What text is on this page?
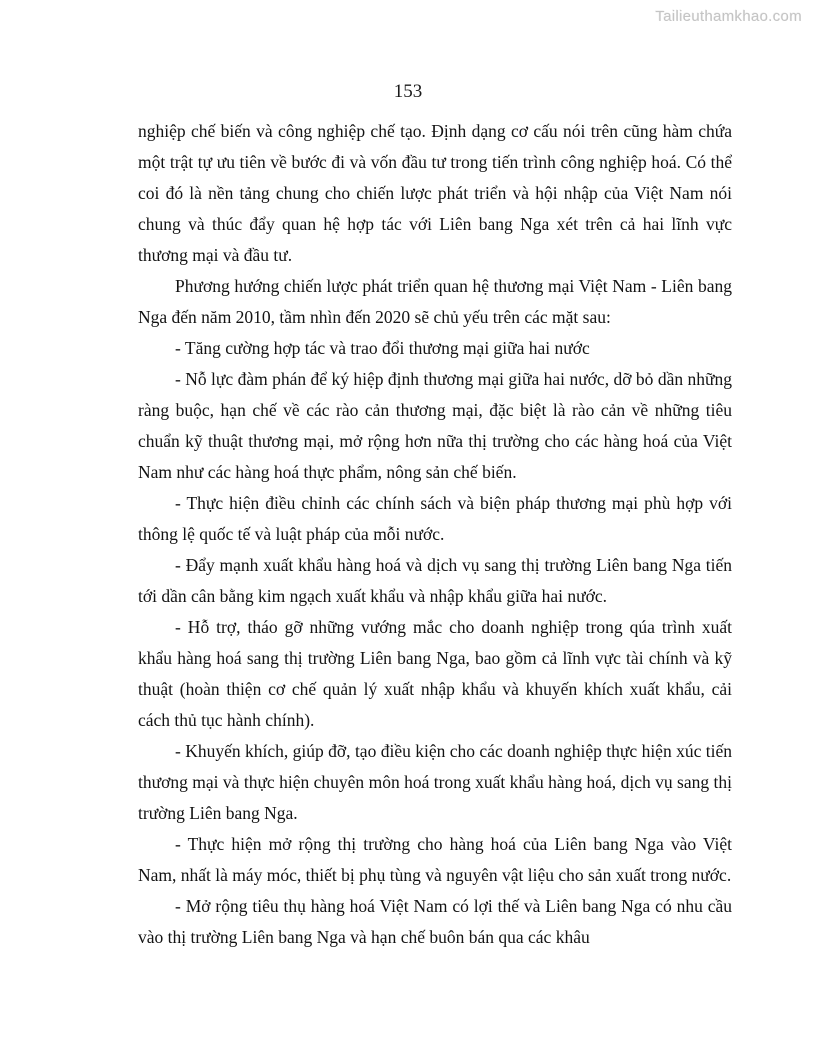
Tailieuthamkhao.com
153

nghiệp chế biến và công nghiệp chế tạo. Định dạng cơ cấu nói trên cũng hàm chứa một trật tự ưu tiên về bước đi và vốn đầu tư trong tiến trình công nghiệp hoá. Có thể coi đó là nền tảng chung cho chiến lược phát triển và hội nhập của Việt Nam nói chung và thúc đẩy quan hệ hợp tác với Liên bang Nga xét trên cả hai lĩnh vực thương mại và đầu tư.

Phương hướng chiến lược phát triển quan hệ thương mại Việt Nam - Liên bang Nga đến năm 2010, tầm nhìn đến 2020 sẽ chủ yếu trên các mặt sau:

- Tăng cường hợp tác và trao đổi thương mại giữa hai nước

- Nỗ lực đàm phán để ký hiệp định thương mại giữa hai nước, dỡ bỏ dần những ràng buộc, hạn chế về các rào cản thương mại, đặc biệt là rào cản về những tiêu chuẩn kỹ thuật thương mại, mở rộng hơn nữa thị trường cho các hàng hoá của Việt Nam như các hàng hoá thực phẩm, nông sản chế biến.

- Thực hiện điều chỉnh các chính sách và biện pháp thương mại phù hợp với thông lệ quốc tế và luật pháp của mỗi nước.

- Đẩy mạnh xuất khẩu hàng hoá và dịch vụ sang thị trường Liên bang Nga tiến tới dần cân bằng kim ngạch xuất khẩu và nhập khẩu giữa hai nước.

- Hỗ trợ, tháo gỡ những vướng mắc cho doanh nghiệp trong qúa trình xuất khẩu hàng hoá sang thị trường Liên bang Nga, bao gồm cả lĩnh vực tài chính và kỹ thuật (hoàn thiện cơ chế quản lý xuất nhập khẩu và khuyến khích xuất khẩu, cải cách thủ tục hành chính).

- Khuyến khích, giúp đỡ, tạo điều kiện cho các doanh nghiệp thực hiện xúc tiến thương mại và thực hiện chuyên môn hoá trong xuất khẩu hàng hoá, dịch vụ sang thị trường Liên bang Nga.

- Thực hiện mở rộng thị trường cho hàng hoá của Liên bang Nga vào Việt Nam, nhất là máy móc, thiết bị phụ tùng và nguyên vật liệu cho sản xuất trong nước.

- Mở rộng tiêu thụ hàng hoá Việt Nam có lợi thế và Liên bang Nga có nhu cầu vào thị trường Liên bang Nga và hạn chế buôn bán qua các khâu
